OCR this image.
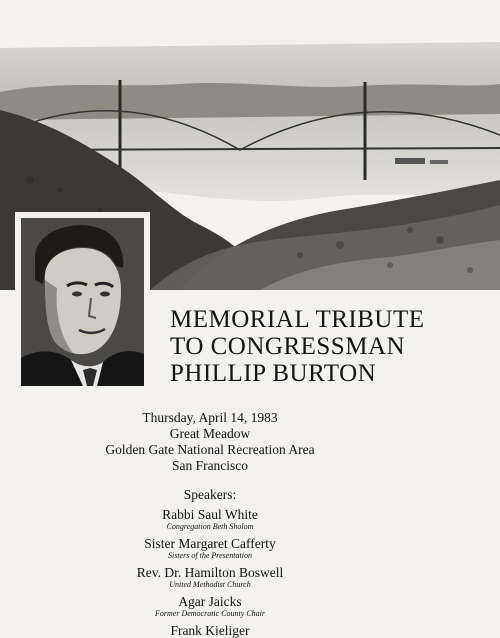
MEMORIAL TRIBUTE
TO CONGRESSMAN
PHILLIP BURTON
Thursday, April 14, 1983
Great Meadow
Golden Gate National Recreation Area
San Francisco
Speakers:
Rabbi Saul White
Congregation Beth Sholom
Sister Margaret Cafferty
Sisters of the Presentation
Rev. Dr. Hamilton Boswell
United Methodist Church
Agar Jaicks
Former Democratic County Chair
Frank Kieliger
